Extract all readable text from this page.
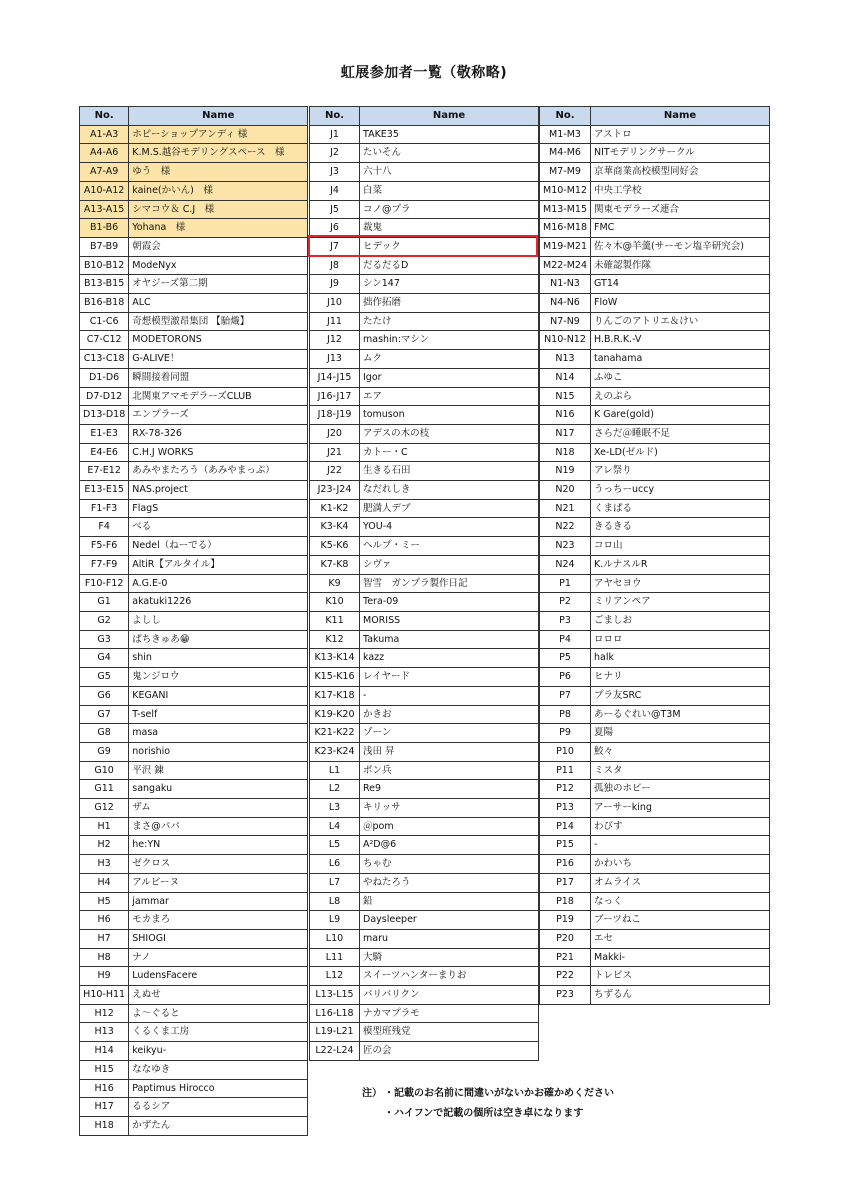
虹展参加者一覧（敬称略)
No.	Name
A1-A3	ホビーショップアンディ 様
A4-A6	K.M.S.越谷モデリングスペース　様
A7-A9	ゆう　様
A10-A12	kaine(かいん)　様
A13-A15	シマコウ＆ C.J　様
B1-B6	Yohana　様
B7-B9	朝霞会
B10-B12	ModeNyx
B13-B15	オヤジーズ第二期
B16-B18	ALC
C1-C6	奇想模型激昂集団 【駘熾】
C7-C12	MODETORONS
C13-C18	G-ALIVE！
D1-D6	瞬間接着同盟
D7-D12	北関東アマモデラーズCLUB
D13-D18	エンプラーズ
E1-E3	RX-78-326
E4-E6	C.H.J WORKS
E7-E12	あみやまたろう（あみやまっぷ）
E13-E15	NAS.project
F1-F3	FlagS
F4	べる
F5-F6	Nedel（ねーでる）
F7-F9	AltiR【アルタイル】
F10-F12	A.G.E-0
G1	akatuki1226
G2	よしし
G3	ぱちきゅあ😁
G4	shin
G5	鬼ンジロウ
G6	KEGANI
G7	T-self
G8	masa
G9	norishio
G10	平沢 錬
G11	sangaku
G12	ザム
H1	まさ@パパ
H2	he:YN
H3	ゼクロス
H4	アルビーヌ
H5	jammar
H6	モカまろ
H7	SHIOGI
H8	ナノ
H9	LudensFacere
H10-H11	えぬせ
H12	よ～ぐると
H13	くるくま工房
H14	keikyu-
H15	ななゆき
H16	Paptimus Hirocco
H17	るるシア
H18	かずたん
No.	Name
J1	TAKE35
J2	たいそん
J3	六十八
J4	白菜
J5	コノ@プラ
J6	裁鬼
J7	ヒデック
J8	だるだるD
J9	シン147
J10	拙作拓磨
J11	たたけ
J12	mashin:マシン
J13	ムク
J14-J15	Igor
J16-J17	エア
J18-J19	tomuson
J20	アデスの木の枝
J21	カトー・C
J22	生きる石田
J23-J24	なだれしき
K1-K2	肥満人デブ
K3-K4	YOU-4
K5-K6	ヘルプ・ミー
K7-K8	シヴァ
K9	智雪　ガンプラ製作日記
K10	Tera-09
K11	MORISS
K12	Takuma
K13-K14	kazz
K15-K16	レイヤード
K17-K18	-
K19-K20	かきお
K21-K22	ゾーン
K23-K24	浅田 昇
L1	ポン兵
L2	Re9
L3	キリッサ
L4	＠pom
L5	A²D@6
L6	ちゃむ
L7	やねたろう
L8	鉛
L9	Daysleeper
L10	maru
L11	大騎
L12	スイーツハンターまりお
L13-L15	バリバリクン
L16-L18	ナカマプラモ
L19-L21	模型班残党
L22-L24	匠の会
No.	Name
M1-M3	アストロ
M4-M6	NITモデリングサークル
M7-M9	京華商業高校模型同好会
M10-M12	中央工学校
M13-M15	関東モデラーズ連合
M16-M18	FMC
M19-M21	佐々木@羊羹(サーモン塩辛研究会)
M22-M24	未確認製作隊
N1-N3	GT14
N4-N6	FloW
N7-N9	りんごのアトリエ＆けい
N10-N12	H.B.R.K.-V
N13	tanahama
N14	ふゆこ
N15	えのぷら
N16	K Gare(gold)
N17	さらだ＠睡眠不足
N18	Xe-LD(ゼルド)
N19	アレ祭り
N20	うっちーuccy
N21	くまぱる
N22	きるきる
N23	コロ山
N24	K.ルナスルR
P1	アヤセヨウ
P2	ミリアンペア
P3	ごましお
P4	ロロロ
P5	halk
P6	ヒナリ
P7	プラ友SRC
P8	あーるぐれい@T3M
P9	夏陽
P10	鮫々
P11	ミスタ
P12	孤独のホビー
P13	アーサーking
P14	わびす
P15	-
P16	かわいち
P17	オムライス
P18	なっく
P19	ブーツねこ
P20	エセ
P21	Makki-
P22	トレビス
P23	ちずるん
注） ・記載のお名前に間違いがないかお確かめください
・ハイフンで記載の個所は空き卓になります
